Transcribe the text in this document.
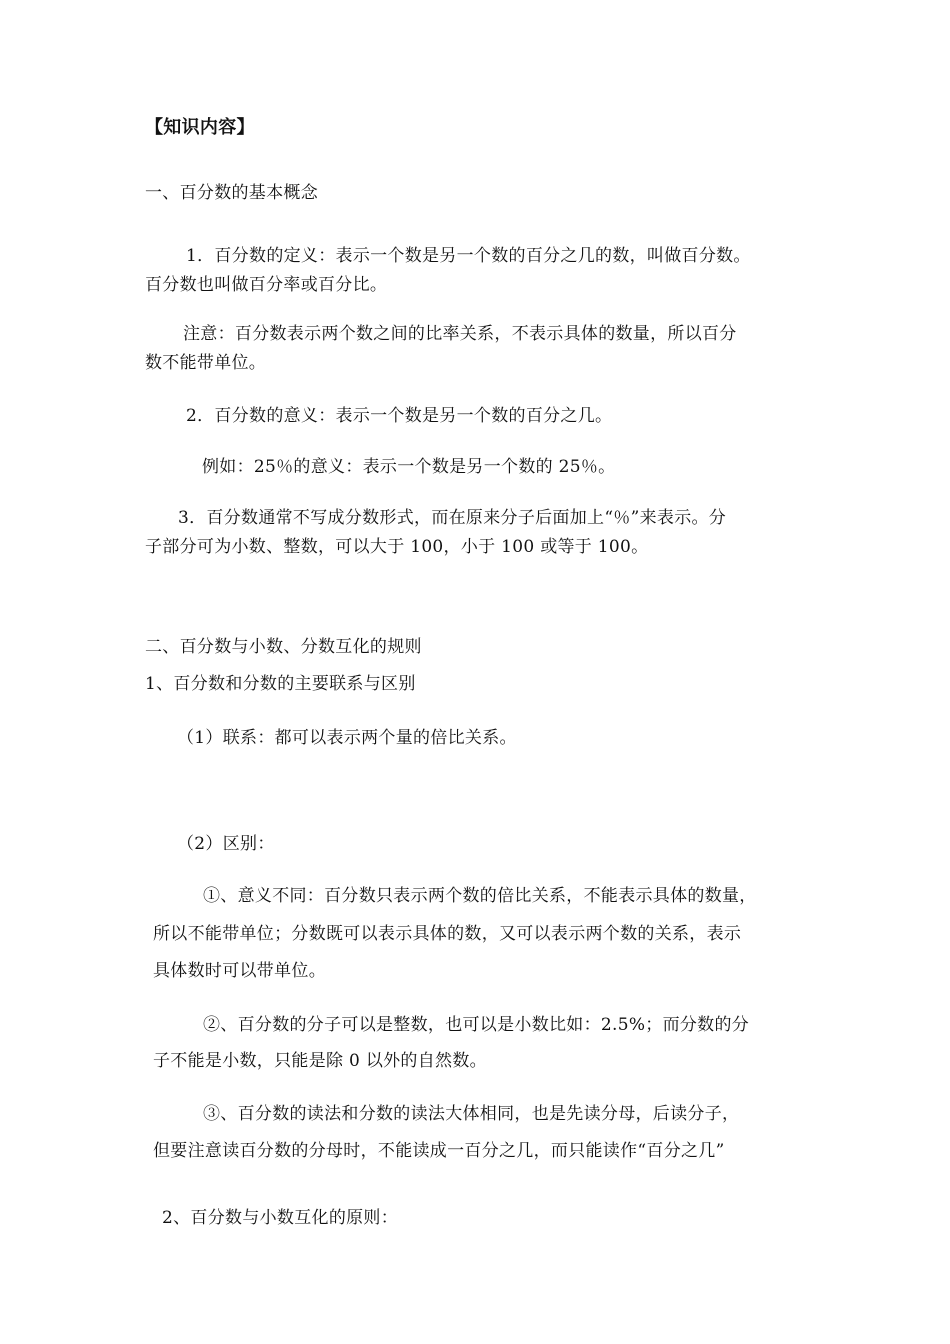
【知识内容】
一、百分数的基本概念
1．百分数的定义：表示一个数是另一个数的百分之几的数，叫做百分数。
百分数也叫做百分率或百分比。
注意：百分数表示两个数之间的比率关系，不表示具体的数量，所以百分
数不能带单位。
2．百分数的意义：表示一个数是另一个数的百分之几。
例如：25％的意义：表示一个数是另一个数的 25％。
3．百分数通常不写成分数形式，而在原来分子后面加上“％”来表示。分
子部分可为小数、整数，可以大于 100，小于 100 或等于 100。
二、百分数与小数、分数互化的规则
1、百分数和分数的主要联系与区别
（1）联系：都可以表示两个量的倍比关系。
（2）区别：
①、意义不同：百分数只表示两个数的倍比关系，不能表示具体的数量，
所以不能带单位；分数既可以表示具体的数，又可以表示两个数的关系，表示
具体数时可以带单位。
②、百分数的分子可以是整数，也可以是小数比如：2.5%；而分数的分
子不能是小数，只能是除 0 以外的自然数。
③、百分数的读法和分数的读法大体相同，也是先读分母，后读分子，
但要注意读百分数的分母时，不能读成一百分之几，而只能读作“百分之几”
2、百分数与小数互化的原则：
